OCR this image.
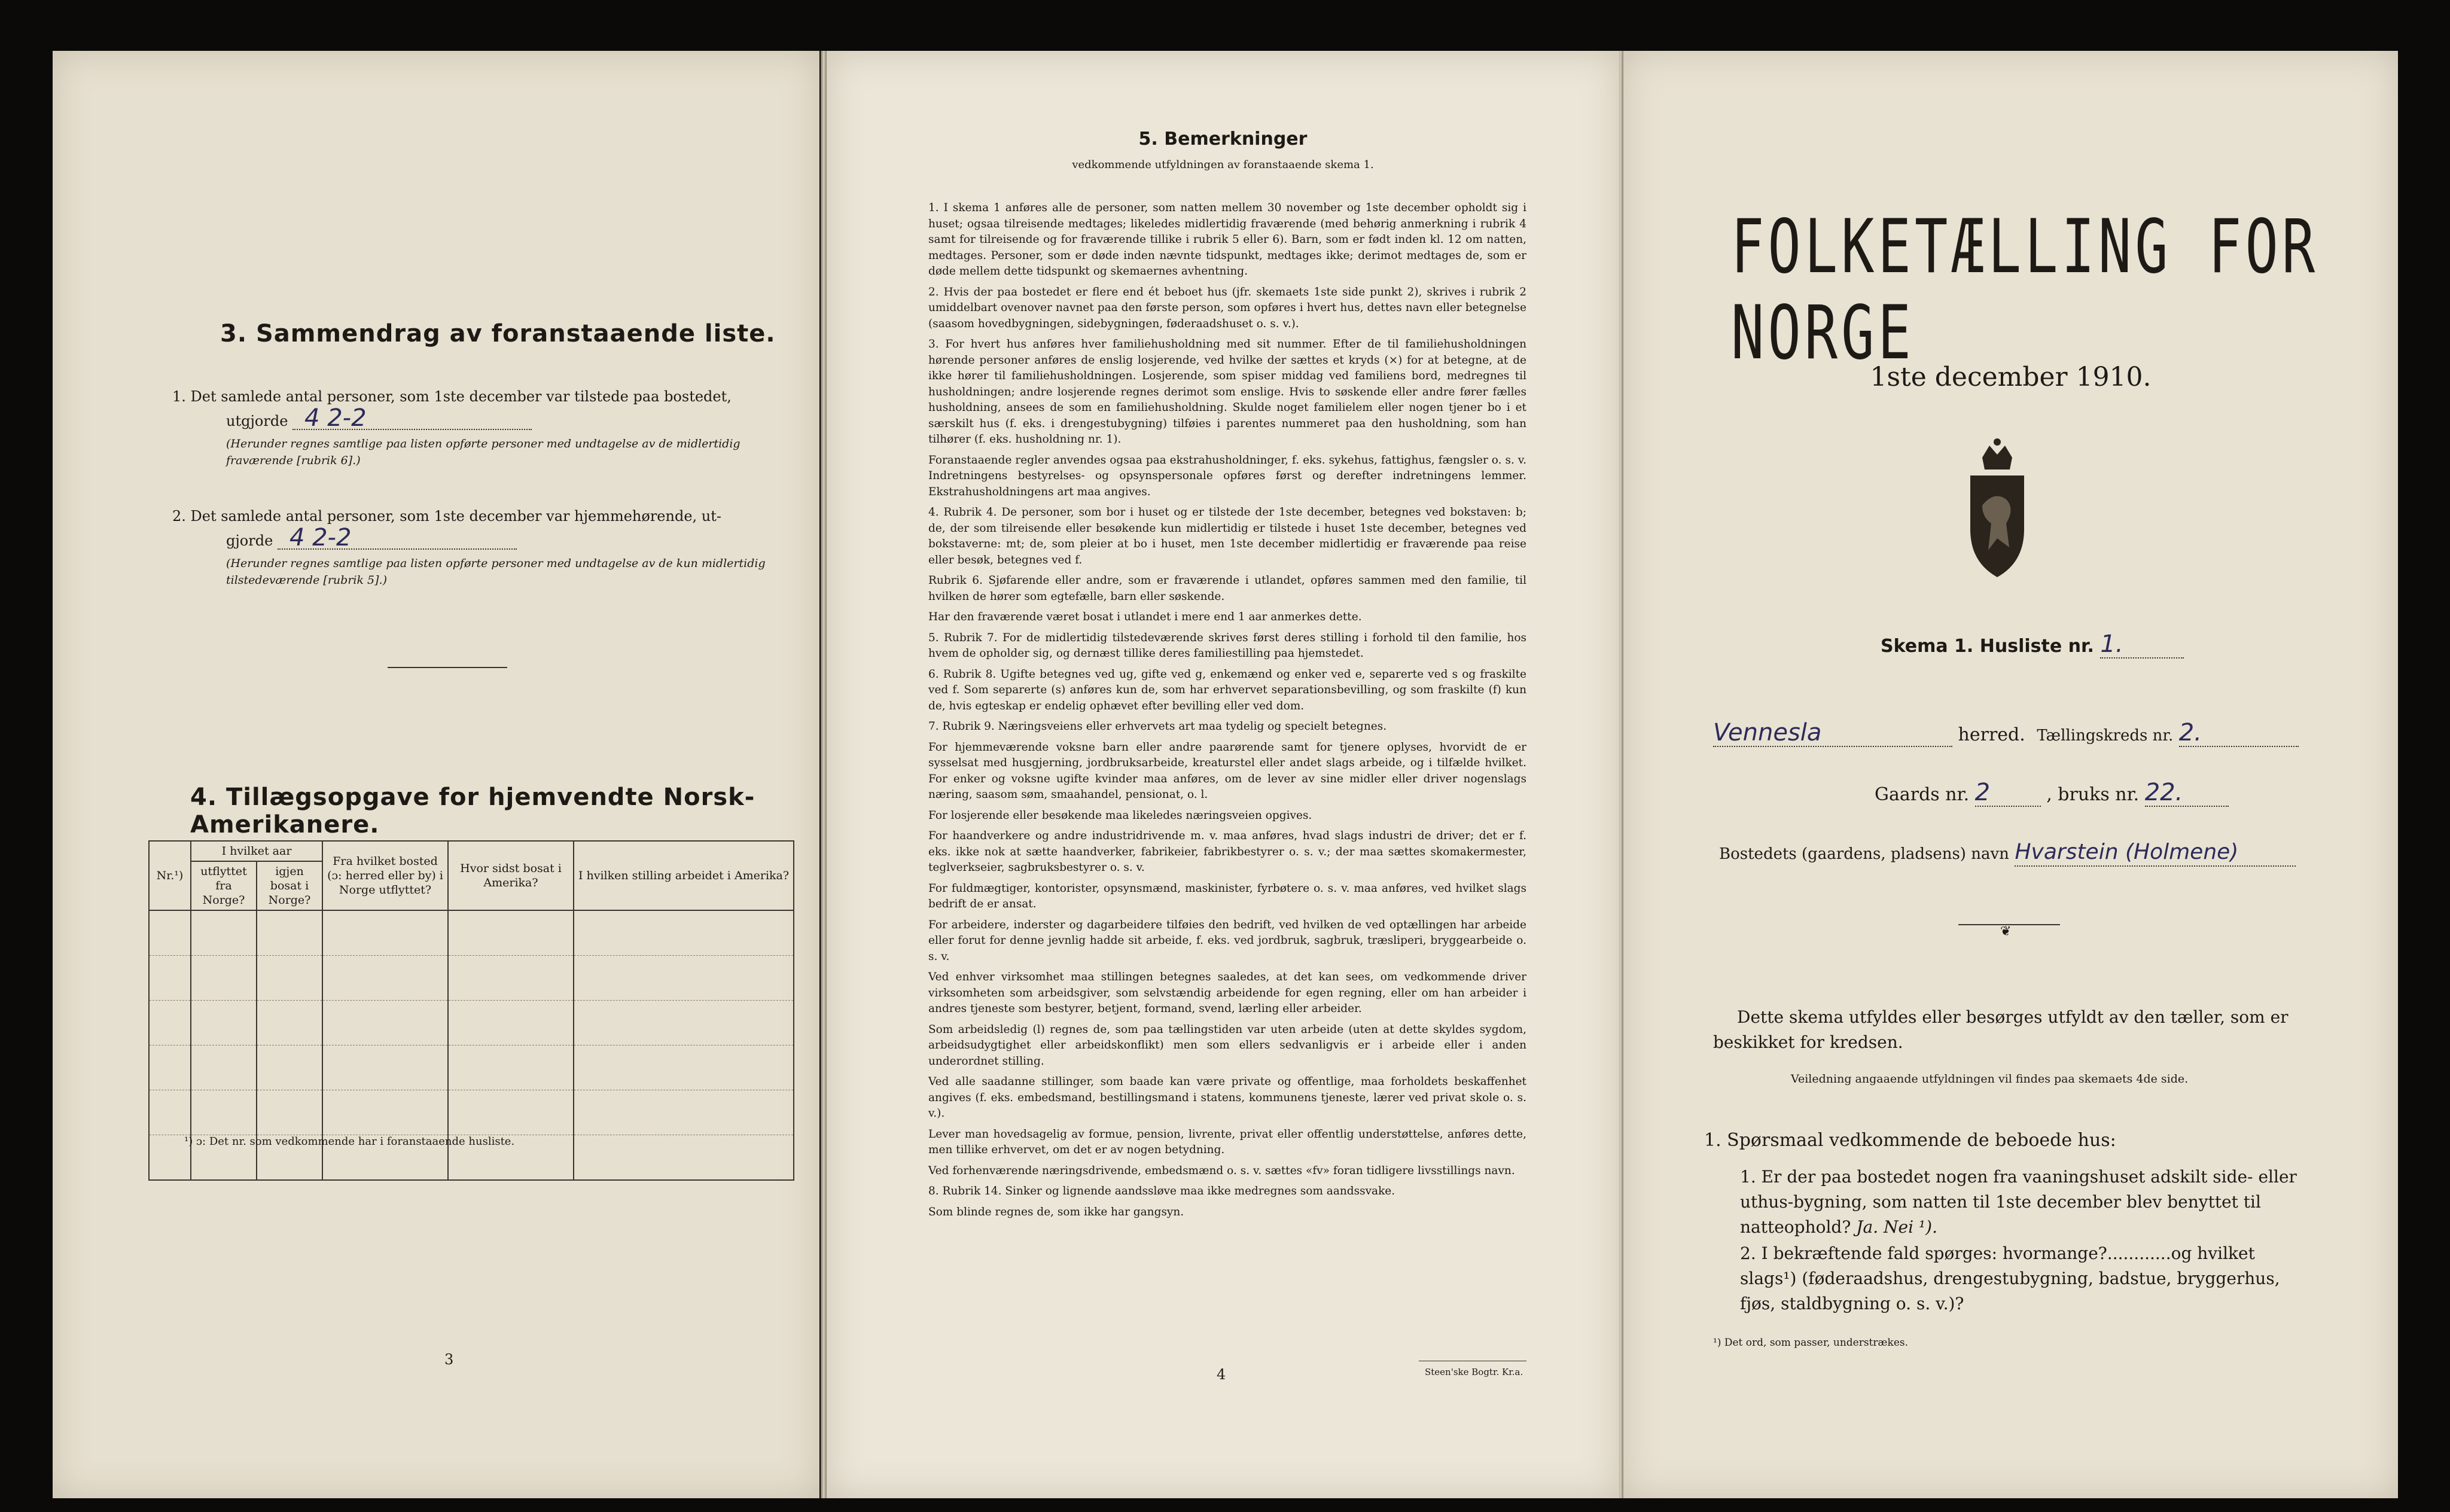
3. Sammendrag av foranstaaende liste.
1. Det samlede antal personer, som 1ste december var tilstede paa bostedet,
utgjorde 4 2-2
(Herunder regnes samtlige paa listen opførte personer med undtagelse av de midlertidig fraværende [rubrik 6].)
2. Det samlede antal personer, som 1ste december var hjemmehørende, ut-
gjorde 4 2-2
(Herunder regnes samtlige paa listen opførte personer med undtagelse av de kun midlertidig tilstedeværende [rubrik 5].)
4. Tillægsopgave for hjemvendte Norsk-Amerikanere.
Nr.¹)	I hvilket aar		Fra hvilket bosted (ɔ: herred eller by) i Norge utflyttet?	Hvor sidst bosat i Amerika?	I hvilken stilling arbeidet i Amerika?
	utflyttet fra Norge?	igjen bosat i Norge?			

¹) ɔ: Det nr. som vedkommende har i foranstaaende husliste.
3
5. Bemerkninger
vedkommende utfyldningen av foranstaaende skema 1.

1. I skema 1 anføres alle de personer, som natten mellem 30 november og 1ste december opholdt sig i huset; ogsaa tilreisende medtages; likeledes midlertidig fraværende (med behørig anmerkning i rubrik 4 samt for tilreisende og for fraværende tillike i rubrik 5 eller 6). Barn, som er født inden kl. 12 om natten, medtages. Personer, som er døde inden nævnte tidspunkt, medtages ikke; derimot medtages de, som er døde mellem dette tidspunkt og skemaernes avhentning.

2. Hvis der paa bostedet er flere end ét beboet hus (jfr. skemaets 1ste side punkt 2), skrives i rubrik 2 umiddelbart ovenover navnet paa den første person, som opføres i hvert hus, dettes navn eller betegnelse (saasom hovedbygningen, sidebygningen, føderaadshuset o. s. v.).

3. For hvert hus anføres hver familiehusholdning med sit nummer. Efter de til familiehusholdningen hørende personer anføres de enslig losjerende, ved hvilke der sættes et kryds (×) for at betegne, at de ikke hører til familiehusholdningen. Losjerende, som spiser middag ved familiens bord, medregnes til husholdningen; andre losjerende regnes derimot som enslige. Hvis to søskende eller andre fører fælles husholdning, ansees de som en familiehusholdning. Skulde noget familielem eller nogen tjener bo i et særskilt hus (f. eks. i drengestubygning) tilføies i parentes nummeret paa den husholdning, som han tilhører (f. eks. husholdning nr. 1).

Foranstaaende regler anvendes ogsaa paa ekstrahusholdninger, f. eks. sykehus, fattighus, fængsler o. s. v. Indretningens bestyrelses- og opsynspersonale opføres først og derefter indretningens lemmer. Ekstrahusholdningens art maa angives.

4. Rubrik 4. De personer, som bor i huset og er tilstede der 1ste december, betegnes ved bokstaven: b; de, der som tilreisende eller besøkende kun midlertidig er tilstede i huset 1ste december, betegnes ved bokstaverne: mt; de, som pleier at bo i huset, men 1ste december midlertidig er fraværende paa reise eller besøk, betegnes ved f.

Rubrik 6. Sjøfarende eller andre, som er fraværende i utlandet, opføres sammen med den familie, til hvilken de hører som egtefælle, barn eller søskende.

Har den fraværende været bosat i utlandet i mere end 1 aar anmerkes dette.

5. Rubrik 7. For de midlertidig tilstedeværende skrives først deres stilling i forhold til den familie, hos hvem de opholder sig, og dernæst tillike deres familiestilling paa hjemstedet.

6. Rubrik 8. Ugifte betegnes ved ug, gifte ved g, enkemænd og enker ved e, separerte ved s og fraskilte ved f. Som separerte (s) anføres kun de, som har erhvervet separationsbevilling, og som fraskilte (f) kun de, hvis egteskap er endelig ophævet efter bevilling eller ved dom.

7. Rubrik 9. Næringsveiens eller erhvervets art maa tydelig og specielt betegnes.

For hjemmeværende voksne barn eller andre paarørende samt for tjenere oplyses, hvorvidt de er sysselsat med husgjerning, jordbruksarbeide, kreaturstel eller andet slags arbeide, og i tilfælde hvilket. For enker og voksne ugifte kvinder maa anføres, om de lever av sine midler eller driver nogenslags næring, saasom søm, smaahandel, pensionat, o. l.

For losjerende eller besøkende maa likeledes næringsveien opgives.

For haandverkere og andre industridrivende m. v. maa anføres, hvad slags industri de driver; det er f. eks. ikke nok at sætte haandverker, fabrikeier, fabrikbestyrer o. s. v.; der maa sættes skomakermester, teglverkseier, sagbruksbestyrer o. s. v.

For fuldmægtiger, kontorister, opsynsmænd, maskinister, fyrbøtere o. s. v. maa anføres, ved hvilket slags bedrift de er ansat.

For arbeidere, inderster og dagarbeidere tilføies den bedrift, ved hvilken de ved optællingen har arbeide eller forut for denne jevnlig hadde sit arbeide, f. eks. ved jordbruk, sagbruk, træsliperi, bryggearbeide o. s. v.

Ved enhver virksomhet maa stillingen betegnes saaledes, at det kan sees, om vedkommende driver virksomheten som arbeidsgiver, som selvstændig arbeidende for egen regning, eller om han arbeider i andres tjeneste som bestyrer, betjent, formand, svend, lærling eller arbeider.

Som arbeidsledig (l) regnes de, som paa tællingstiden var uten arbeide (uten at dette skyldes sygdom, arbeidsudygtighet eller arbeidskonflikt) men som ellers sedvanligvis er i arbeide eller i anden underordnet stilling.

Ved alle saadanne stillinger, som baade kan være private og offentlige, maa forholdets beskaffenhet angives (f. eks. embedsmand, bestillingsmand i statens, kommunens tjeneste, lærer ved privat skole o. s. v.).

Lever man hovedsagelig av formue, pension, livrente, privat eller offentlig understøttelse, anføres dette, men tillike erhvervet, om det er av nogen betydning.

Ved forhenværende næringsdrivende, embedsmænd o. s. v. sættes «fv» foran tidligere livsstillings navn.

8. Rubrik 14. Sinker og lignende aandssløve maa ikke medregnes som aandssvake.

Som blinde regnes de, som ikke har gangsyn.

4	Steen'ske Bogtr. Kr.a.
FOLKETÆLLING FOR NORGE
1ste december 1910.
Skema 1. Husliste nr. 1.
Vennesla	herred. Tællingskreds nr. 2.
Gaards nr. 2	, bruks nr. 22.
Bostedets (gaardens, pladsens) navn Hvarstein (Holmene)
❦
Dette skema utfyldes eller besørges utfyldt av den tæller, som er beskikket for kredsen.
Veiledning angaaende utfyldningen vil findes paa skemaets 4de side.
1. Spørsmaal vedkommende de beboede hus:
1. Er der paa bostedet nogen fra vaaningshuset adskilt side- eller uthus-bygning, som natten til 1ste december blev benyttet til natteophold? Ja. Nei ¹).
2. I bekræftende fald spørges: hvormange?............og hvilket slags¹) (føderaadshus, drengestubygning, badstue, bryggerhus, fjøs, staldbygning o. s. v.)?
¹) Det ord, som passer, understrækes.
